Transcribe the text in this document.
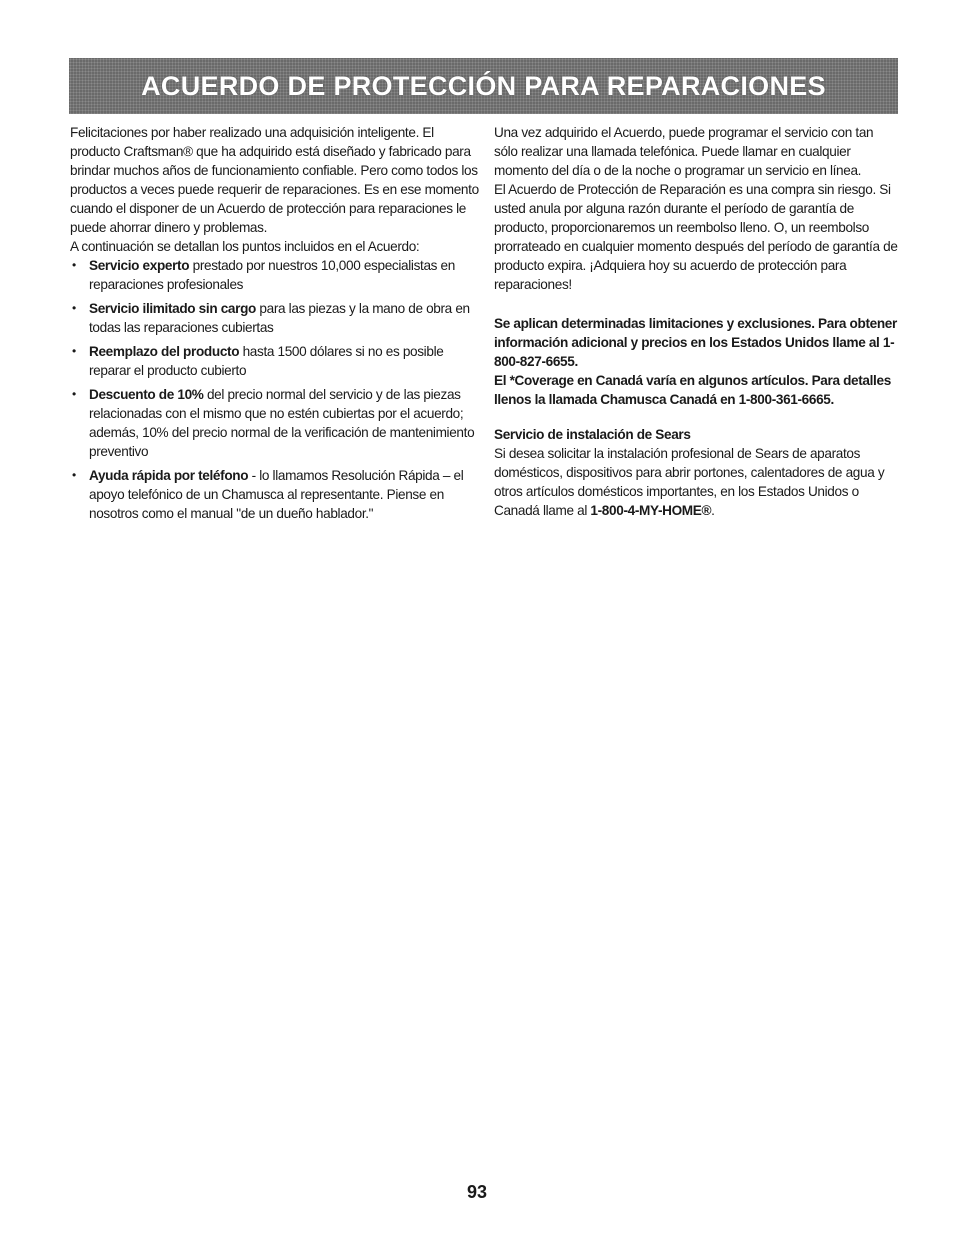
ACUERDO DE PROTECCIÓN PARA REPARACIONES

Felicitaciones por haber realizado una adquisición inteligente. El producto Craftsman® que ha adquirido está diseñado y fabricado para brindar muchos años de funcionamiento confiable. Pero como todos los productos a veces puede requerir de reparaciones. Es en ese momento cuando el disponer de un Acuerdo de protección para reparaciones le puede ahorrar dinero y problemas.

A continuación se detallan los puntos incluidos en el Acuerdo:

• Servicio experto prestado por nuestros 10,000 especialistas en reparaciones profesionales
• Servicio ilimitado sin cargo para las piezas y la mano de obra en todas las reparaciones cubiertas
• Reemplazo del producto hasta 1500 dólares si no es posible reparar el producto cubierto
• Descuento de 10% del precio normal del servicio y de las piezas relacionadas con el mismo que no estén cubiertas por el acuerdo; además, 10% del precio normal de la verificación de mantenimiento preventivo
• Ayuda rápida por teléfono - lo llamamos Resolución Rápida – el apoyo telefónico de un Chamusca al representante. Piense en nosotros como el manual "de un dueño hablador."

Una vez adquirido el Acuerdo, puede programar el servicio con tan sólo realizar una llamada telefónica. Puede llamar en cualquier momento del día o de la noche o programar un servicio en línea.

El Acuerdo de Protección de Reparación es una compra sin riesgo. Si usted anula por alguna razón durante el período de garantía de producto, proporcionaremos un reembolso lleno. O, un reembolso prorrateado en cualquier momento después del período de garantía de producto expira. ¡Adquiera hoy su acuerdo de protección para reparaciones!

Se aplican determinadas limitaciones y exclusiones. Para obtener información adicional y precios en los Estados Unidos llame al 1-800-827-6655.

El *Coverage en Canadá varía en algunos artículos. Para detalles llenos la llamada Chamusca Canadá en 1-800-361-6665.

Servicio de instalación de Sears

Si desea solicitar la instalación profesional de Sears de aparatos domésticos, dispositivos para abrir portones, calentadores de agua y otros artículos domésticos importantes, en los Estados Unidos o Canadá llame al 1-800-4-MY-HOME®.

93
